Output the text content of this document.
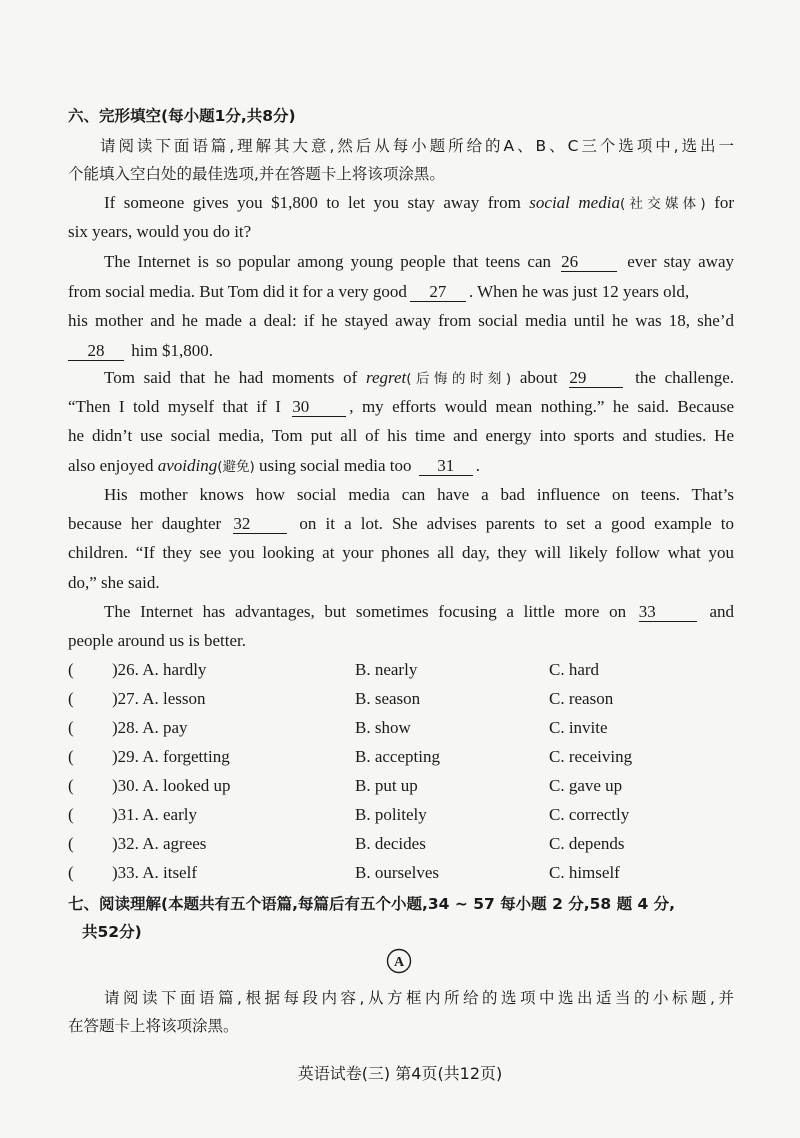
六、完形填空(每小题1分,共8分)
请阅读下面语篇,理解其大意,然后从每小题所给的A、B、C三个选项中,选出一
个能填入空白处的最佳选项,并在答题卡上将该项涂黑。
If someone gives you $1,800 to let you stay away from social media(社交媒体) for
six years, would you do it?
The Internet is so popular among young people that teens can 26	ever stay away
from social media. But Tom did it for a very good 27 . When he was just 12 years old,
his mother and he made a deal: if he stayed away from social media until he was 18, she’d
28 him $1,800.
Tom said that he had moments of regret(后悔的时刻) about 29	the challenge.
“Then I told myself that if I 30 , my efforts would mean nothing.” he said. Because
he didn’t use social media, Tom put all of his time and energy into sports and studies. He
also enjoyed avoiding(避免) using social media too 31 .
His mother knows how social media can have a bad influence on teens. That’s
because her daughter 32	on it a lot. She advises parents to set a good example to
children. “If they see you looking at your phones all day, they will likely follow what you
do,” she said.
The Internet has advantages, but sometimes focusing a little more on 33	and
people around us is better.
( )26. A. hardly	B. nearly	C. hard
( )27. A. lesson	B. season	C. reason
( )28. A. pay	B. show	C. invite
( )29. A. forgetting	B. accepting	C. receiving
( )30. A. looked up	B. put up	C. gave up
( )31. A. early	B. politely	C. correctly
( )32. A. agrees	B. decides	C. depends
( )33. A. itself	B. ourselves	C. himself
七、阅读理解(本题共有五个语篇,每篇后有五个小题,34 ~ 57 每小题 2 分,58 题 4 分,
共52分)
A
请阅读下面语篇,根据每段内容,从方框内所给的选项中选出适当的小标题,并
在答题卡上将该项涂黑。
英语试卷(三) 第4页(共12页)
